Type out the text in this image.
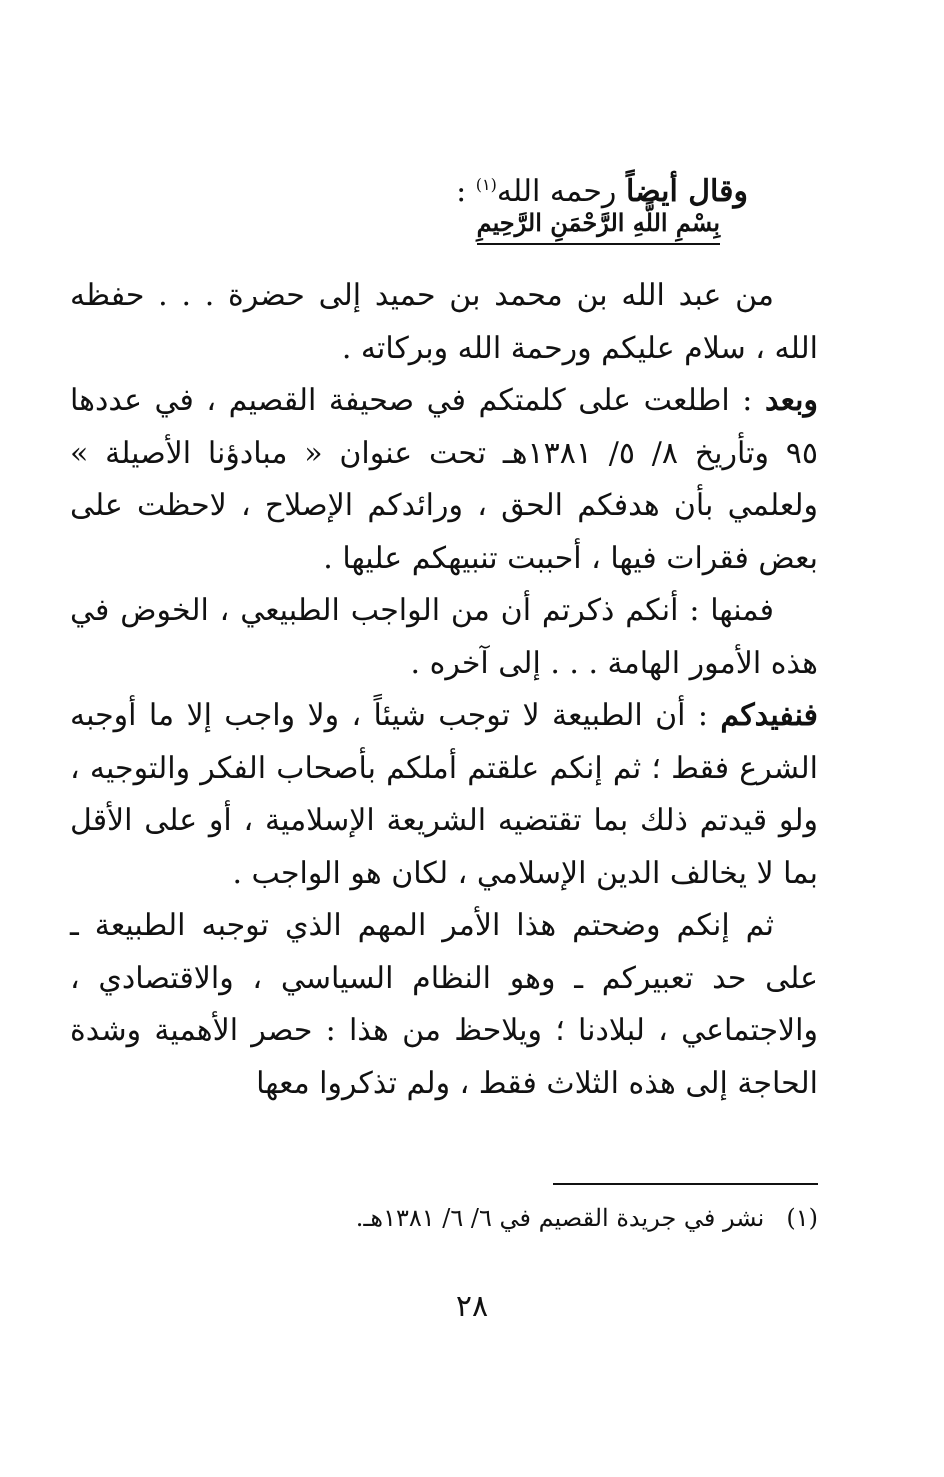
وقال أيضاً رحمه الله$^{(١)}$ :
بِسْمِ اللَّهِ الرَّحْمَنِ الرَّحِيمِ

من عبد الله بن محمد بن حميد إلى حضرة . . . حفظه الله ، سلام عليكم ورحمة الله وبركاته .

وبعد : اطلعت على كلمتكم في صحيفة القصيم ، في عددها ٩٥ وتأريخ ٨/ ٥/ ١٣٨١هـ تحت عنوان « مبادؤنا الأصيلة » ولعلمي بأن هدفكم الحق ، ورائدكم الإصلاح ، لاحظت على بعض فقرات فيها ، أحببت تنبيهكم عليها .

فمنها : أنكم ذكرتم أن من الواجب الطبيعي ، الخوض في هذه الأمور الهامة . . . إلى آخره .

فنفيدكم : أن الطبيعة لا توجب شيئاً ، ولا واجب إلا ما أوجبه الشرع فقط ؛ ثم إنكم علقتم أملكم بأصحاب الفكر والتوجيه ، ولو قيدتم ذلك بما تقتضيه الشريعة الإسلامية ، أو على الأقل بما لا يخالف الدين الإسلامي ، لكان هو الواجب .

ثم إنكم وضحتم هذا الأمر المهم الذي توجبه الطبيعة ـ على حد تعبيركم ـ وهو النظام السياسي ، والاقتصادي ، والاجتماعي ، لبلادنا ؛ ويلاحظ من هذا : حصر الأهمية وشدة الحاجة إلى هذه الثلاث فقط ، ولم تذكروا معها

(١)نشر في جريدة القصيم في ٦/ ٦/ ١٣٨١هـ.
٢٨
